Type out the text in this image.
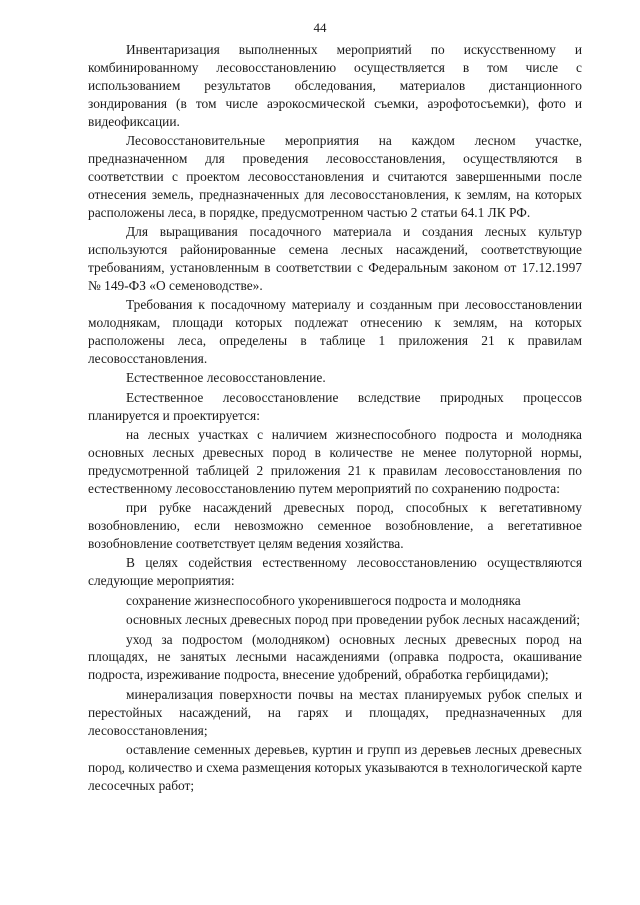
44

Инвентаризация выполненных мероприятий по искусственному и комбинированному лесовосстановлению осуществляется в том числе с использованием результатов обследования, материалов дистанционного зондирования (в том числе аэрокосмической съемки, аэрофотосъемки), фото и видеофиксации.

Лесовосстановительные мероприятия на каждом лесном участке, предназначенном для проведения лесовосстановления, осуществляются в соответствии с проектом лесовосстановления и считаются завершенными после отнесения земель, предназначенных для лесовосстановления, к землям, на которых расположены леса, в порядке, предусмотренном частью 2 статьи 64.1 ЛК РФ.

Для выращивания посадочного материала и создания лесных культур используются районированные семена лесных насаждений, соответствующие требованиям, установленным в соответствии с Федеральным законом от 17.12.1997 № 149-ФЗ «О семеноводстве».

Требования к посадочному материалу и созданным при лесовосстановлении молоднякам, площади которых подлежат отнесению к землям, на которых расположены леса, определены в таблице 1 приложения 21 к правилам лесовосстановления.

Естественное лесовосстановление.

Естественное лесовосстановление вследствие природных процессов планируется и проектируется:

на лесных участках с наличием жизнеспособного подроста и молодняка основных лесных древесных пород в количестве не менее полуторной нормы, предусмотренной таблицей 2 приложения 21 к правилам лесовосстановления по естественному лесовосстановлению путем мероприятий по сохранению подроста:

при рубке насаждений древесных пород, способных к вегетативному возобновлению, если невозможно семенное возобновление, а вегетативное возобновление соответствует целям ведения хозяйства.

В целях содействия естественному лесовосстановлению осуществляются следующие мероприятия:

сохранение жизнеспособного укоренившегося подроста и молодняка

основных лесных древесных пород при проведении рубок лесных насаждений;

уход за подростом (молодняком) основных лесных древесных пород на площадях, не занятых лесными насаждениями (оправка подроста, окашивание подроста, изреживание подроста, внесение удобрений, обработка гербицидами);

минерализация поверхности почвы на местах планируемых рубок спелых и перестойных насаждений, на гарях и площадях, предназначенных для лесовосстановления;

оставление семенных деревьев, куртин и групп из деревьев лесных древесных пород, количество и схема размещения которых указываются в технологической карте лесосечных работ;
